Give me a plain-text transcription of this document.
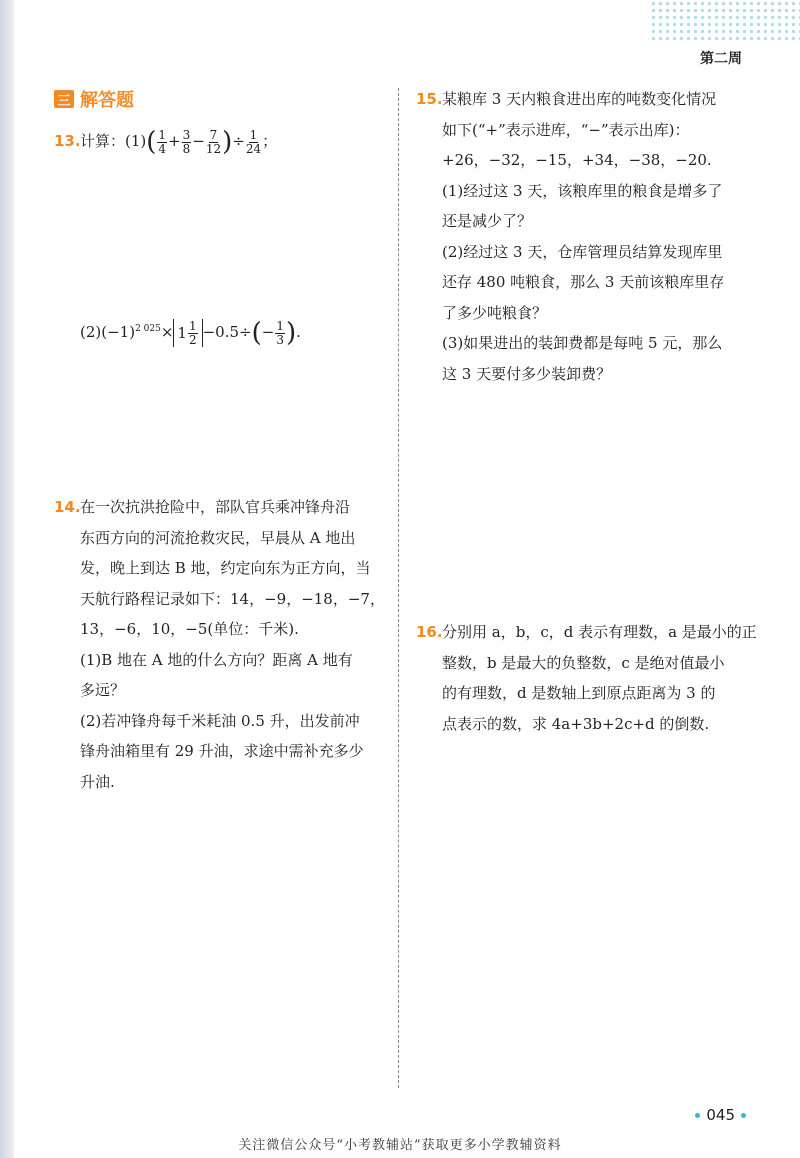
第二周
三 解答题
13.计算：$(1)( \frac{1}{4} + \frac{3}{8} - \frac{7}{12}$ )÷ $\frac{1}{24}$ ；
$(2)(-1)^{2 025}\times 1 \frac{1}{2} -0.5\div(- \frac{1}{3}$ ).
14.在一次抗洪抢险中，部队官兵乘冲锋舟沿
东西方向的河流抢救灾民，早晨从 A 地出
发，晚上到达 B 地，约定向东为正方向，当
天航行路程记录如下：14，−9，−18，−7，
13，−6，10，−5(单位：千米).
(1)B 地在 A 地的什么方向？距离 A 地有
多远？
(2)若冲锋舟每千米耗油 0.5 升，出发前冲
锋舟油箱里有 29 升油，求途中需补充多少
升油.
15.某粮库 3 天内粮食进出库的吨数变化情况
如下(“+”表示进库，“−”表示出库)：
+26，−32，−15，+34，−38，−20.
(1)经过这 3 天，该粮库里的粮食是增多了
还是减少了？
(2)经过这 3 天，仓库管理员结算发现库里
还存 480 吨粮食，那么 3 天前该粮库里存
了多少吨粮食？
(3)如果进出的装卸费都是每吨 5 元，那么
这 3 天要付多少装卸费？
16.分别用 a，b，c，d 表示有理数，a 是最小的正
整数，b 是最大的负整数，c 是绝对值最小
的有理数，d 是数轴上到原点距离为 3 的
点表示的数，求 4a+3b+2c+d 的倒数.
045
关注微信公众号“小考教辅站”获取更多小学教辅资料
